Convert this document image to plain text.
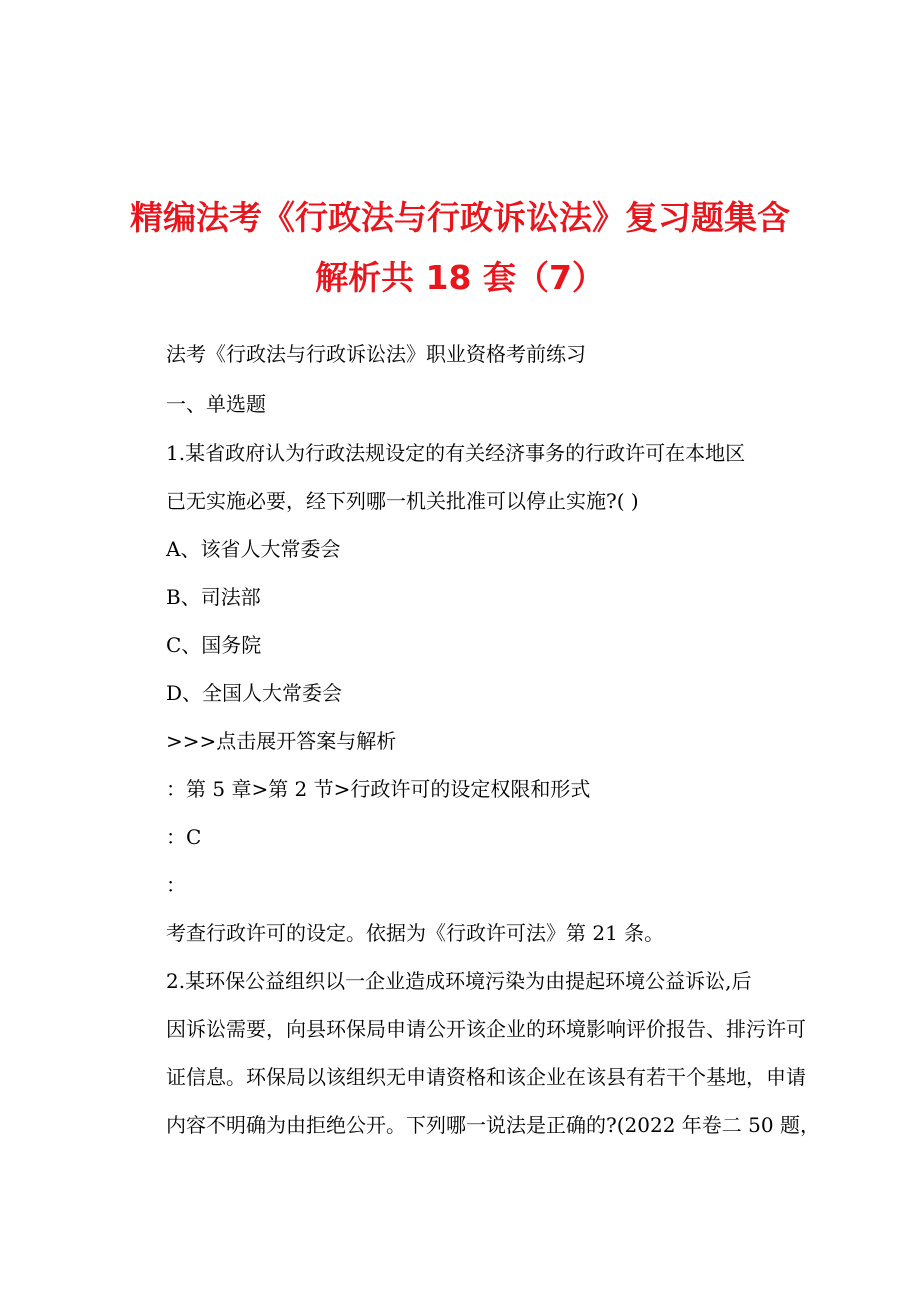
精编法考《行政法与行政诉讼法》复习题集含
解析共 18 套（7）

法考《行政法与行政诉讼法》职业资格考前练习

一、单选题

1.某省政府认为行政法规设定的有关经济事务的行政许可在本地区

已无实施必要，经下列哪一机关批准可以停止实施?( )

A、该省人大常委会

B、司法部

C、国务院

D、全国人大常委会

>>>点击展开答案与解析

：第 5 章>第 2 节>行政许可的设定权限和形式

：C

：

考查行政许可的设定。依据为《行政许可法》第 21 条。

2.某环保公益组织以一企业造成环境污染为由提起环境公益诉讼,后

因诉讼需要，向县环保局申请公开该企业的环境影响评价报告、排污许可

证信息。环保局以该组织无申请资格和该企业在该县有若干个基地，申请

内容不明确为由拒绝公开。下列哪一说法是正确的?(2022 年卷二 50 题，
